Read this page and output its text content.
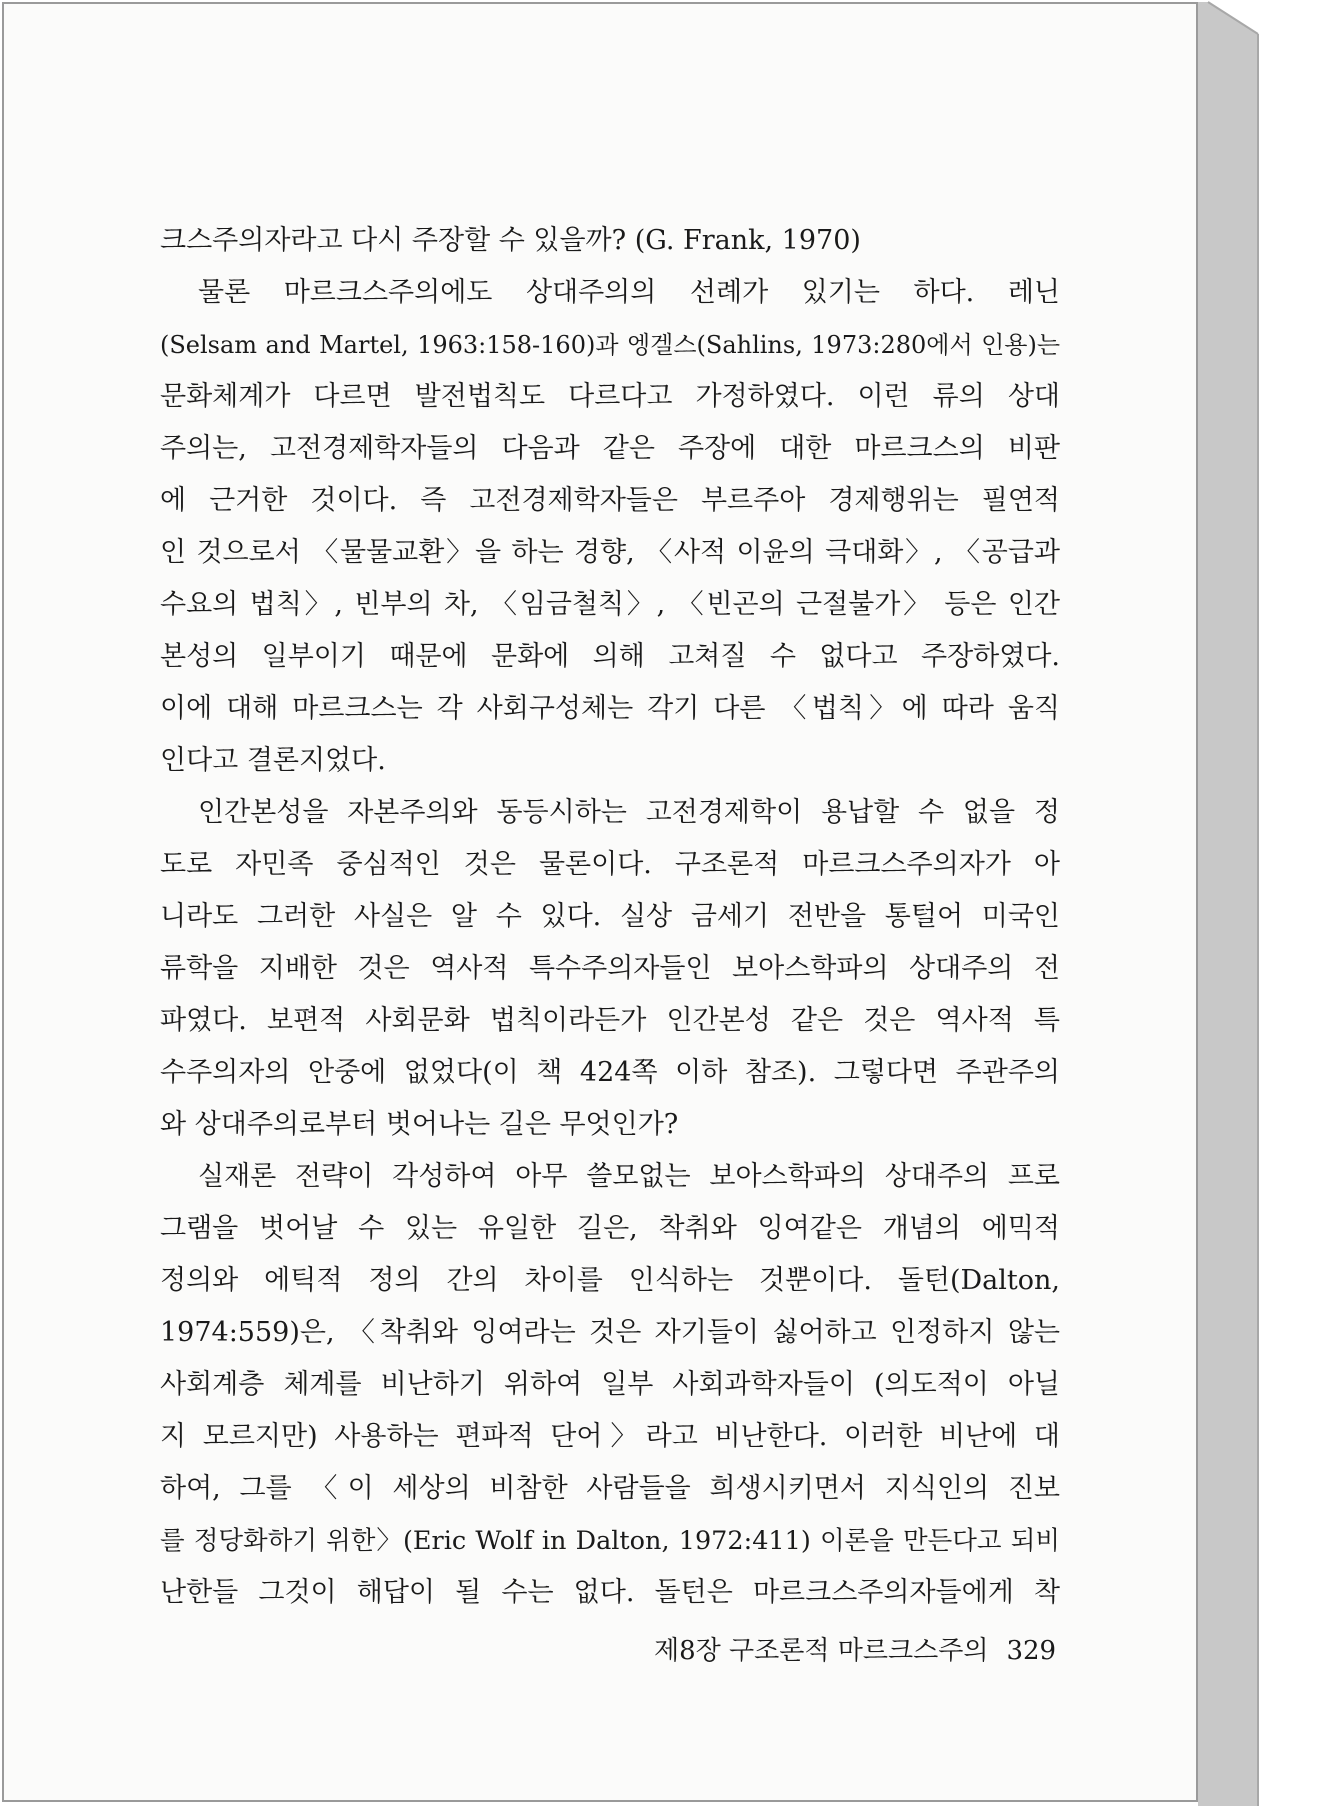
크스주의자라고 다시 주장할 수 있을까? (G. Frank, 1970)
물론 마르크스주의에도 상대주의의 선례가 있기는 하다. 레닌
(Selsam and Martel, 1963:158-160)과 엥겔스(Sahlins, 1973:280에서 인용)는
문화체계가 다르면 발전법칙도 다르다고 가정하였다. 이런 류의 상대
주의는, 고전경제학자들의 다음과 같은 주장에 대한 마르크스의 비판
에 근거한 것이다. 즉 고전경제학자들은 부르주아 경제행위는 필연적
인 것으로서 〈물물교환〉을 하는 경향, 〈사적 이윤의 극대화〉, 〈공급과
수요의 법칙〉, 빈부의 차, 〈임금철칙〉, 〈빈곤의 근절불가〉 등은 인간
본성의 일부이기 때문에 문화에 의해 고쳐질 수 없다고 주장하였다.
이에 대해 마르크스는 각 사회구성체는 각기 다른 〈법칙〉에 따라 움직
인다고 결론지었다.
인간본성을 자본주의와 동등시하는 고전경제학이 용납할 수 없을 정
도로 자민족 중심적인 것은 물론이다. 구조론적 마르크스주의자가 아
니라도 그러한 사실은 알 수 있다. 실상 금세기 전반을 통털어 미국인
류학을 지배한 것은 역사적 특수주의자들인 보아스학파의 상대주의 전
파였다. 보편적 사회문화 법칙이라든가 인간본성 같은 것은 역사적 특
수주의자의 안중에 없었다(이 책 424쪽 이하 참조). 그렇다면 주관주의
와 상대주의로부터 벗어나는 길은 무엇인가?
실재론 전략이 각성하여 아무 쓸모없는 보아스학파의 상대주의 프로
그램을 벗어날 수 있는 유일한 길은, 착취와 잉여같은 개념의 에믹적
정의와 에틱적 정의 간의 차이를 인식하는 것뿐이다. 돌턴(Dalton,
1974:559)은, 〈착취와 잉여라는 것은 자기들이 싫어하고 인정하지 않는
사회계층 체계를 비난하기 위하여 일부 사회과학자들이 (의도적이 아닐
지 모르지만) 사용하는 편파적 단어〉라고 비난한다. 이러한 비난에 대
하여, 그를 〈이 세상의 비참한 사람들을 희생시키면서 지식인의 진보
를 정당화하기 위한〉(Eric Wolf in Dalton, 1972:411) 이론을 만든다고 되비
난한들 그것이 해답이 될 수는 없다. 돌턴은 마르크스주의자들에게 착
제8장 구조론적 마르크스주의 329
